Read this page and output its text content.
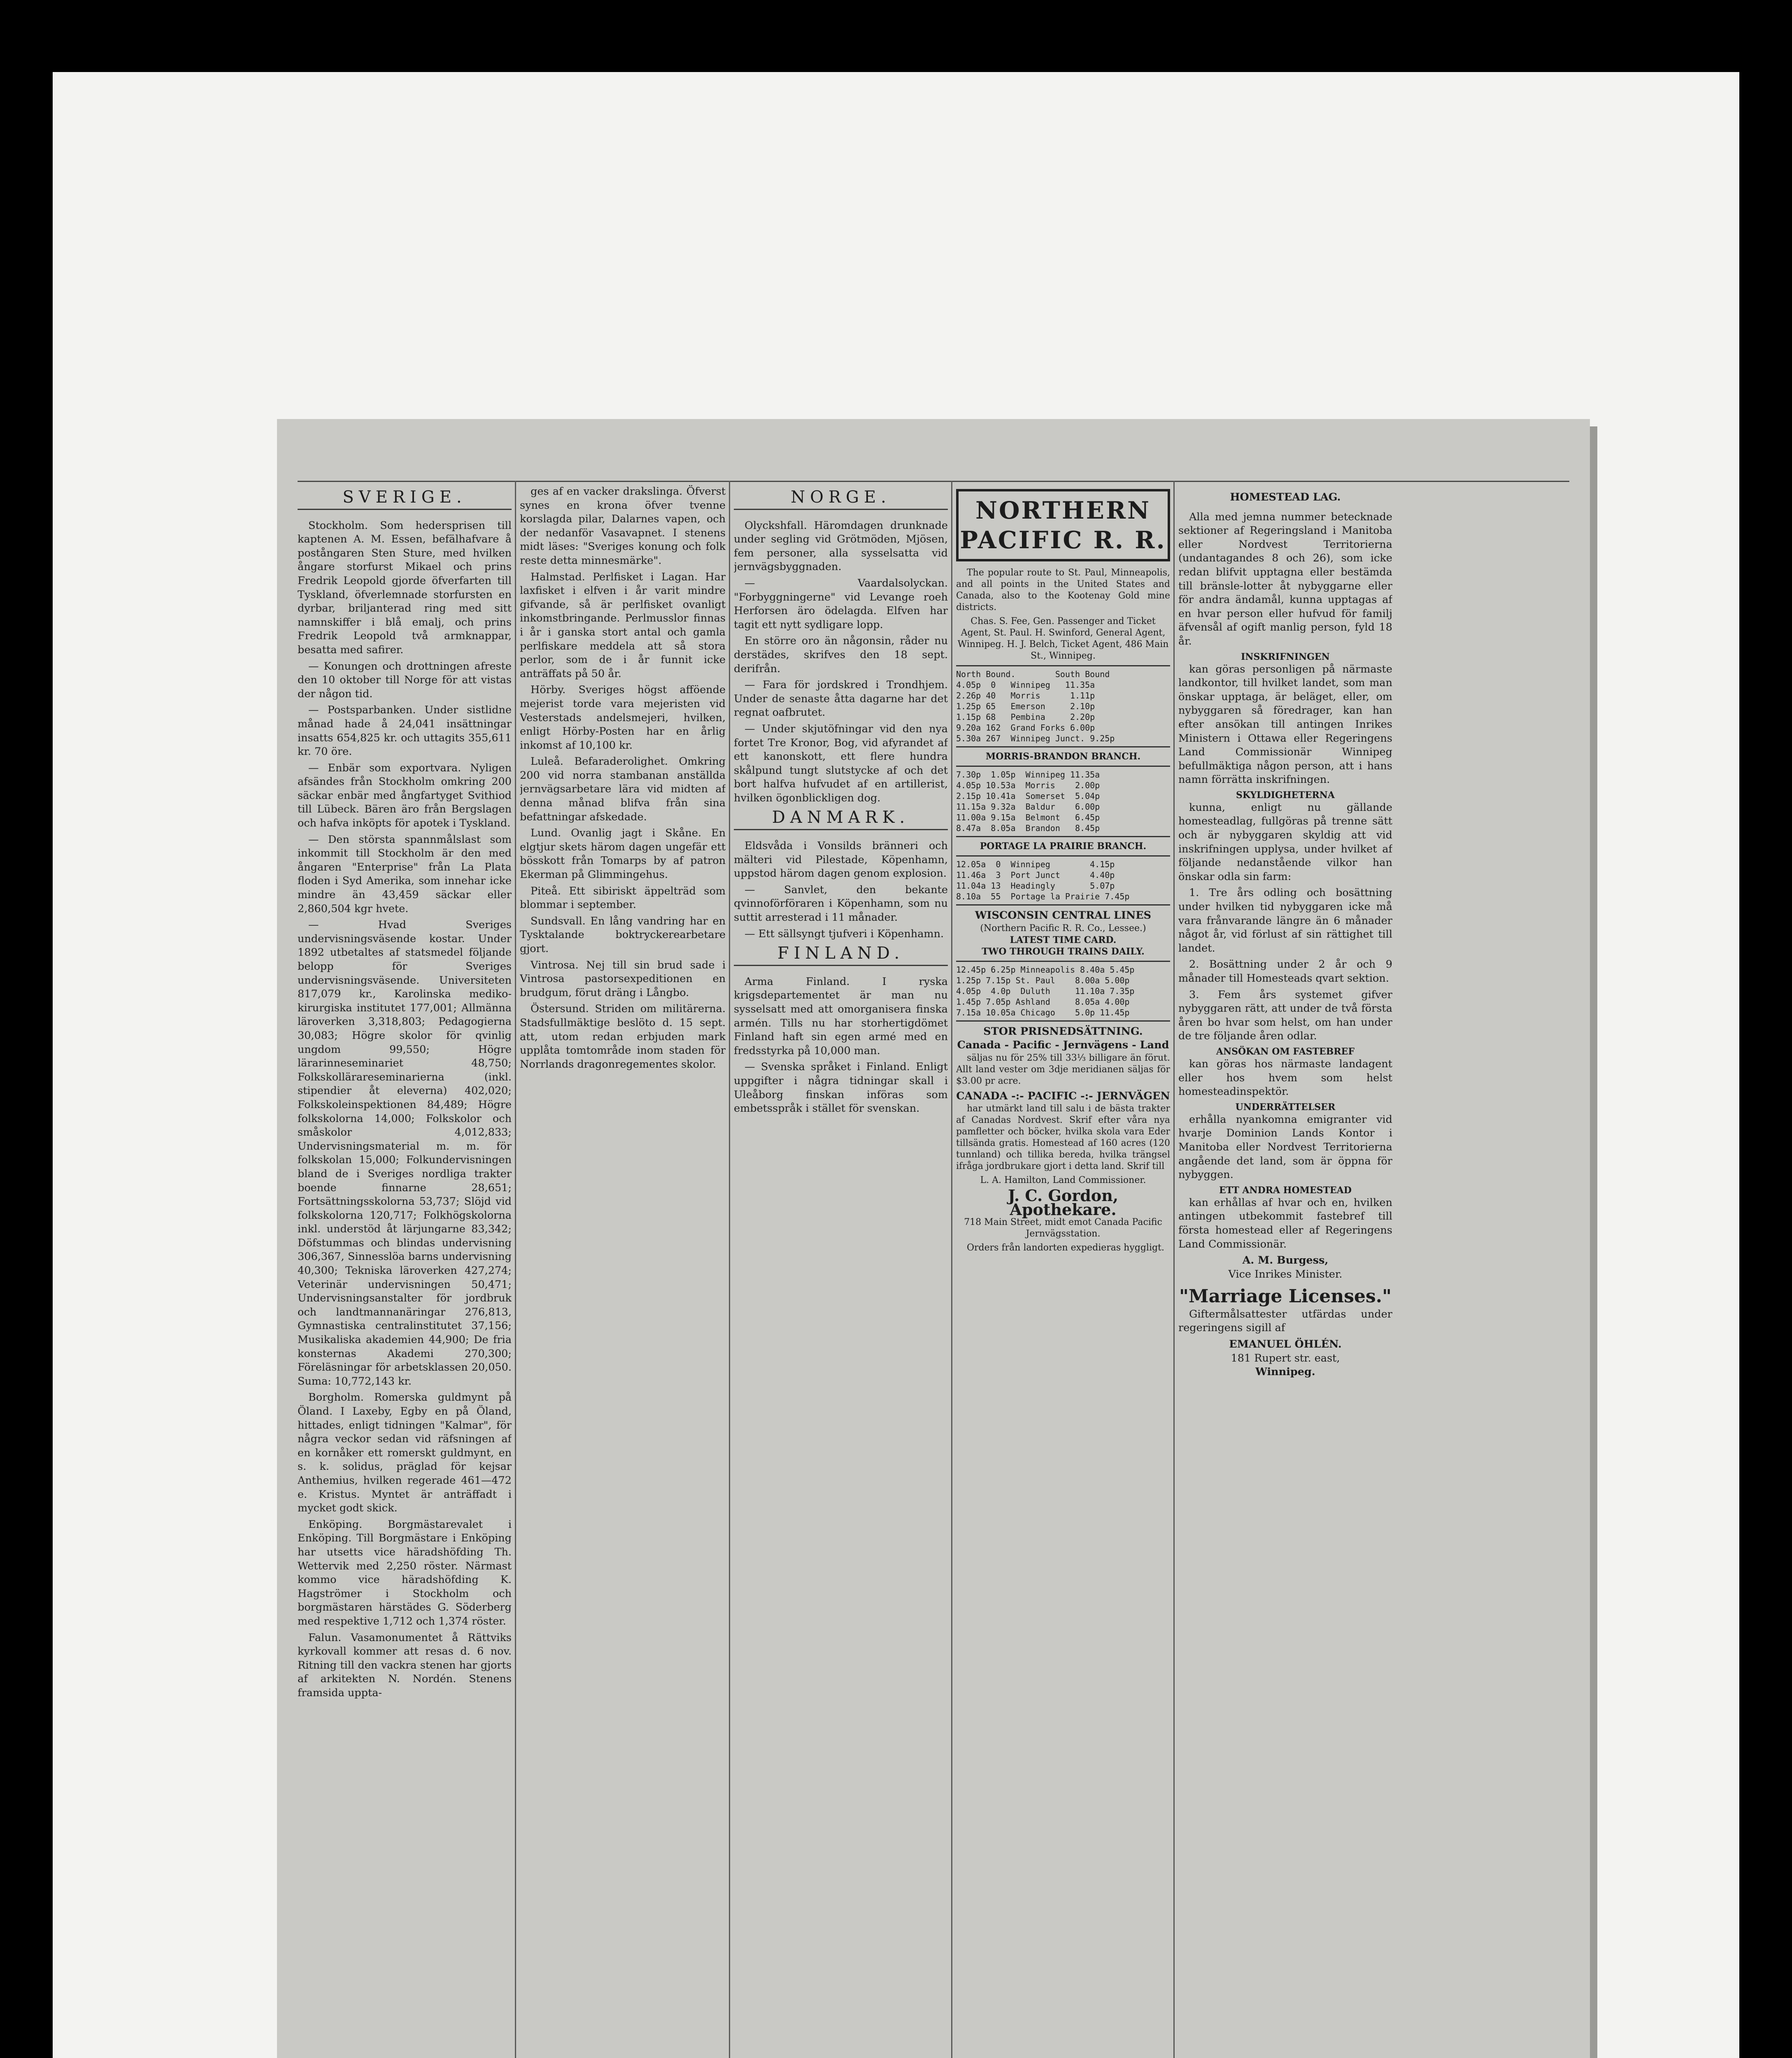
SVERIGE.

Stockholm. Som hedersprisen till kaptenen A. M. Essen, befälhafvare å postångaren Sten Sture, med hvilken ångare storfurst Mikael och prins Fredrik Leopold gjorde öfverfarten till Tyskland, öfverlemnade storfursten en dyrbar, briljanterad ring med sitt namnskiffer i blå emalj, och prins Fredrik Leopold två armknappar, besatta med safirer.

— Konungen och drottningen afreste den 10 oktober till Norge för att vistas der någon tid.

— Postsparbanken. Under sistlidne månad hade å 24,041 insättningar insatts 654,825 kr. och uttagits 355,611 kr. 70 öre.

— Enbär som exportvara. Nyligen afsändes från Stockholm omkring 200 säckar enbär med ångfartyget Svithiod till Lübeck. Bären äro från Bergslagen och hafva inköpts för apotek i Tyskland.

— Den största spannmålslast som inkommit till Stockholm är den med ångaren "Enterprise" från La Plata floden i Syd Amerika, som innehar icke mindre än 43,459 säckar eller 2,860,504 kgr hvete.

— Hvad Sveriges undervisningsväsende kostar. Under 1892 utbetaltes af statsmedel följande belopp för Sveriges undervisningsväsende. Universiteten 817,079 kr., Karolinska mediko-kirurgiska institutet 177,001; Allmänna läroverken 3,318,803; Pedagogierna 30,083; Högre skolor för qvinlig ungdom 99,550; Högre lärarinneseminariet 48,750; Folkskollärareseminarierna (inkl. stipendier åt eleverna) 402,020; Folkskoleinspektionen 84,489; Högre folkskolorna 14,000; Folkskolor och småskolor 4,012,833; Undervisningsmaterial m. m. för folkskolan 15,000; Folkundervisningen bland de i Sveriges nordliga trakter boende finnarne 28,651; Fortsättningsskolorna 53,737; Slöjd vid folkskolorna 120,717; Folkhögskolorna inkl. understöd åt lärjungarne 83,342; Döfstummas och blindas undervisning 306,367, Sinnesslöa barns undervisning 40,300; Tekniska läroverken 427,274; Veterinär undervisningen 50,471; Undervisningsanstalter för jordbruk och landtmannanäringar 276,813, Gymnastiska centralinstitutet 37,156; Musikaliska akademien 44,900; De fria konsternas Akademi 270,300; Föreläsningar för arbetsklassen 20,050. Suma: 10,772,143 kr.

Borgholm. Romerska guldmynt på Öland. I Laxeby, Egby en på Öland, hittades, enligt tidningen "Kalmar", för några veckor sedan vid räfsningen af en kornåker ett romerskt guldmynt, en s. k. solidus, präglad för kejsar Anthemius, hvilken regerade 461—472 e. Kristus. Myntet är anträffadt i mycket godt skick.

Enköping. Borgmästarevalet i Enköping. Till Borgmästare i Enköping har utsetts vice häradshöfding Th. Wettervik med 2,250 röster. Närmast kommo vice häradshöfding K. Hagströmer i Stockholm och borgmästaren härstädes G. Söderberg med respektive 1,712 och 1,374 röster.

Falun. Vasamonumentet å Rättviks kyrkovall kommer att resas d. 6 nov. Ritning till den vackra stenen har gjorts af arkitekten N. Nordén. Stenens framsida uppta-

ges af en vacker drakslinga. Öfverst synes en krona öfver tvenne korslagda pilar, Dalarnes vapen, och der nedanför Vasavapnet. I stenens midt läses: "Sveriges konung och folk reste detta minnesmärke".

Halmstad. Perlfisket i Lagan. Har laxfisket i elfven i år varit mindre gifvande, så är perlfisket ovanligt inkomstbringande. Perlmusslor finnas i år i ganska stort antal och gamla perlfiskare meddela att så stora perlor, som de i år funnit icke anträffats på 50 år.

Hörby. Sveriges högst afföende mejerist torde vara mejeristen vid Vesterstads andelsmejeri, hvilken, enligt Hörby-Posten har en årlig inkomst af 10,100 kr.

Luleå. Befaraderolighet. Omkring 200 vid norra stambanan anställda jernvägsarbetare lära vid midten af denna månad blifva från sina befattningar afskedade.

Lund. Ovanlig jagt i Skåne. En elgtjur skets härom dagen ungefär ett bösskott från Tomarps by af patron Ekerman på Glimmingehus.

Piteå. Ett sibiriskt äppelträd som blommar i september.

Sundsvall. En lång vandring har en Tysktalande boktryckerearbetare gjort.

Vintrosa. Nej till sin brud sade i Vintrosa pastorsexpeditionen en brudgum, förut dräng i Långbo.

Östersund. Striden om militärerna. Stadsfullmäktige beslöto d. 15 sept. att, utom redan erbjuden mark upplåta tomtområde inom staden för Norrlands dragonregementes skolor.

NORGE.

Olyckshfall. Häromdagen drunknade under segling vid Grötmöden, Mjösen, fem personer, alla sysselsatta vid jernvägsbyggnaden.

— Vaardalsolyckan. "Forbyggningerne" vid Levange roeh Herforsen äro ödelagda. Elfven har tagit ett nytt sydligare lopp.

En större oro än någonsin, råder nu derstädes, skrifves den 18 sept. derifrån.

— Fara för jordskred i Trondhjem. Under de senaste åtta dagarne har det regnat oafbrutet.

— Under skjutöfningar vid den nya fortet Tre Kronor, Bog, vid afyrandet af ett kanonskott, ett flere hundra skålpund tungt slutstycke af och det bort halfva hufvudet af en artillerist, hvilken ögonblickligen dog.

DANMARK.

Eldsvåda i Vonsilds bränneri och mälteri vid Pilestade, Köpenhamn, uppstod härom dagen genom explosion.

— Sanvlet, den bekante qvinnoförföraren i Köpenhamn, som nu suttit arresterad i 11 månader.

— Ett sällsyngt tjufveri i Köpenhamn.

FINLAND.

Arma Finland. I ryska krigsdepartementet är man nu sysselsatt med att omorganisera finska armén. Tills nu har storhertigdömet Finland haft sin egen armé med en fredsstyrka på 10,000 man.

— Svenska språket i Finland. Enligt uppgifter i några tidningar skall i Uleåborg finskan införas som embetsspråk i stället för svenskan.

NORTHERN
PACIFIC R. R.

The popular route to St. Paul, Minneapolis, and all points in the United States and Canada, also to the Kootenay Gold mine districts.

Chas. S. Fee, Gen. Passenger and Ticket Agent, St. Paul. H. Swinford, General Agent, Winnipeg. H. J. Belch, Ticket Agent, 486 Main St., Winnipeg.

North Bound.        South Bound
4.05p  0   Winnipeg   11.35a
2.26p 40   Morris      1.11p
1.25p 65   Emerson     2.10p
1.15p 68   Pembina     2.20p
9.20a 162  Grand Forks 6.00p
5.30a 267  Winnipeg Junct. 9.25p
MORRIS-BRANDON BRANCH.
7.30p  1.05p  Winnipeg 11.35a
4.05p 10.53a  Morris    2.00p
2.15p 10.41a  Somerset  5.04p
11.15a 9.32a  Baldur    6.00p
11.00a 9.15a  Belmont   6.45p
8.47a  8.05a  Brandon   8.45p
PORTAGE LA PRAIRIE BRANCH.
12.05a  0  Winnipeg        4.15p
11.46a  3  Port Junct      4.40p
11.04a 13  Headingly       5.07p
8.10a  55  Portage la Prairie 7.45p
WISCONSIN CENTRAL LINES
(Northern Pacific R. R. Co., Lessee.)
LATEST TIME CARD.
TWO THROUGH TRAINS DAILY.
12.45p 6.25p Minneapolis 8.40a 5.45p
1.25p 7.15p St. Paul    8.00a 5.00p
4.05p  4.0p  Duluth     11.10a 7.35p
1.45p 7.05p Ashland     8.05a 4.00p
7.15a 10.05a Chicago    5.0p 11.45p
STOR PRISNEDSÄTTNING.
Canada - Pacific - Jernvägens - Land

säljas nu för 25% till 33⅓ billigare än förut. Allt land vester om 3dje meridianen säljas för $3.00 pr acre.

CANADA -:- PACIFIC -:- JERNVÄGEN

har utmärkt land till salu i de bästa trakter af Canadas Nordvest. Skrif efter våra nya pamfletter och böcker, hvilka skola vara Eder tillsända gratis. Homestead af 160 acres (120 tunnland) och tillika bereda, hvilka trängsel ifråga jordbrukare gjort i detta land. Skrif till

L. A. Hamilton, Land Commissioner.

J. C. Gordon, Apothekare.

718 Main Street, midt emot Canada Pacific Jernvägsstation.

Orders från landorten expedieras hyggligt.

HOMESTEAD LAG.

Alla med jemna nummer betecknade sektioner af Regeringsland i Manitoba eller Nordvest Territorierna (undantagandes 8 och 26), som icke redan blifvit upptagna eller bestämda till bränsle-lotter åt nybyggarne eller för andra ändamål, kunna upptagas af en hvar person eller hufvud för familj äfvensål af ogift manlig person, fyld 18 år.

INSKRIFNINGEN

kan göras personligen på närmaste landkontor, till hvilket landet, som man önskar upptaga, är beläget, eller, om nybyggaren så föredrager, kan han efter ansökan till antingen Inrikes Ministern i Ottawa eller Regeringens Land Commissionär Winnipeg befullmäktiga någon person, att i hans namn förrätta inskrifningen.

SKYLDIGHETERNA

kunna, enligt nu gällande homesteadlag, fullgöras på trenne sätt och är nybyggaren skyldig att vid inskrifningen upplysa, under hvilket af följande nedanstående vilkor han önskar odla sin farm:

1. Tre års odling och bosättning under hvilken tid nybyggaren icke må vara frånvarande längre än 6 månader något år, vid förlust af sin rättighet till landet.

2. Bosättning under 2 år och 9 månader till Homesteads qvart sektion.

3. Fem års systemet gifver nybyggaren rätt, att under de två första åren bo hvar som helst, om han under de tre följande åren odlar.

ANSÖKAN OM FASTEBREF

kan göras hos närmaste landagent eller hos hvem som helst homesteadinspektör.

UNDERRÄTTELSER

erhålla nyankomna emigranter vid hvarje Dominion Lands Kontor i Manitoba eller Nordvest Territorierna angående det land, som är öppna för nybyggen.

ETT ANDRA HOMESTEAD

kan erhållas af hvar och en, hvilken antingen utbekommit fastebref till första homestead eller af Regeringens Land Commissionär.

A. M. Burgess,
Vice Inrikes Minister.
"Marriage Licenses."

Giftermålsattester utfärdas under regeringens sigill af

EMANUEL ÖHLÉN.
181 Rupert str. east,
Winnipeg.
